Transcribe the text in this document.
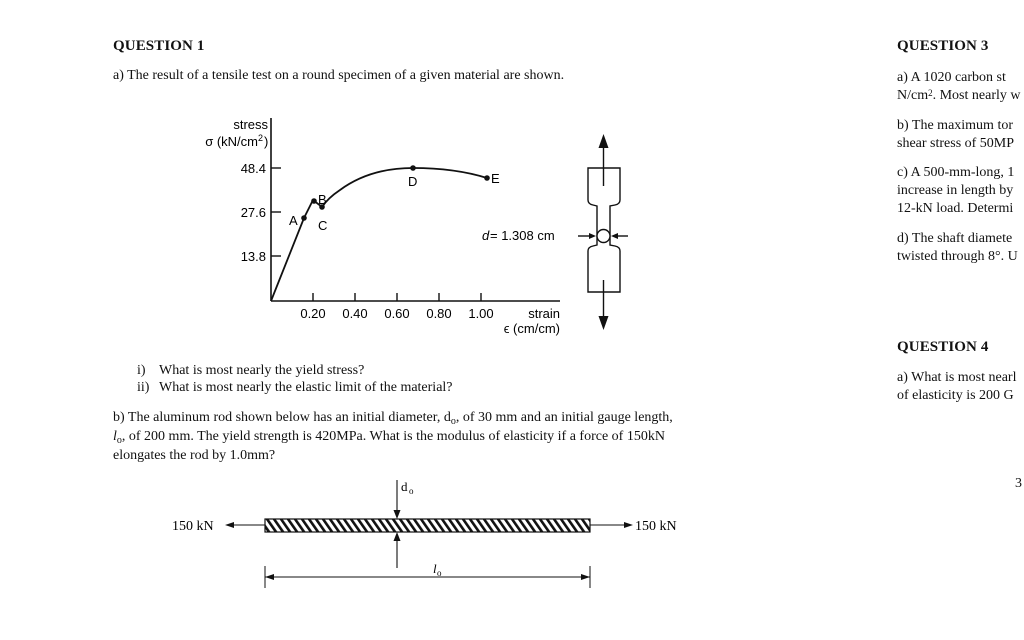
QUESTION 1
a) The result of a tensile test on a round specimen of a given material are shown.
A
B
C
D	E
stress
σ (kN/cm 2 )
48.4
27.6
13.8
0.20 0.40 0.60 0.80 1.00	strain
ϵ (cm/cm)
d = 1.308 cm
i) What is most nearly the yield stress?
ii) What is most nearly the elastic limit of the material?
b) The aluminum rod shown below has an initial diameter, $d_o$, of 30 mm and an initial gauge length,
$l_o$, of 200 mm. The yield strength is 420MPa. What is the modulus of elasticity if a force of 150kN
elongates the rod by 1.0mm?
150 kN	150 kN
d o
l o
QUESTION 3
a) A 1020 carbon st
$N/cm^2$. Most nearly w
b) The maximum tor
shear stress of 50MP
c) A 500-mm-long, 1
increase in length by
12-kN load. Determi
d) The shaft diamete
twisted through 8°. U
QUESTION 4
a) What is most nearl
of elasticity is 200 G
3
